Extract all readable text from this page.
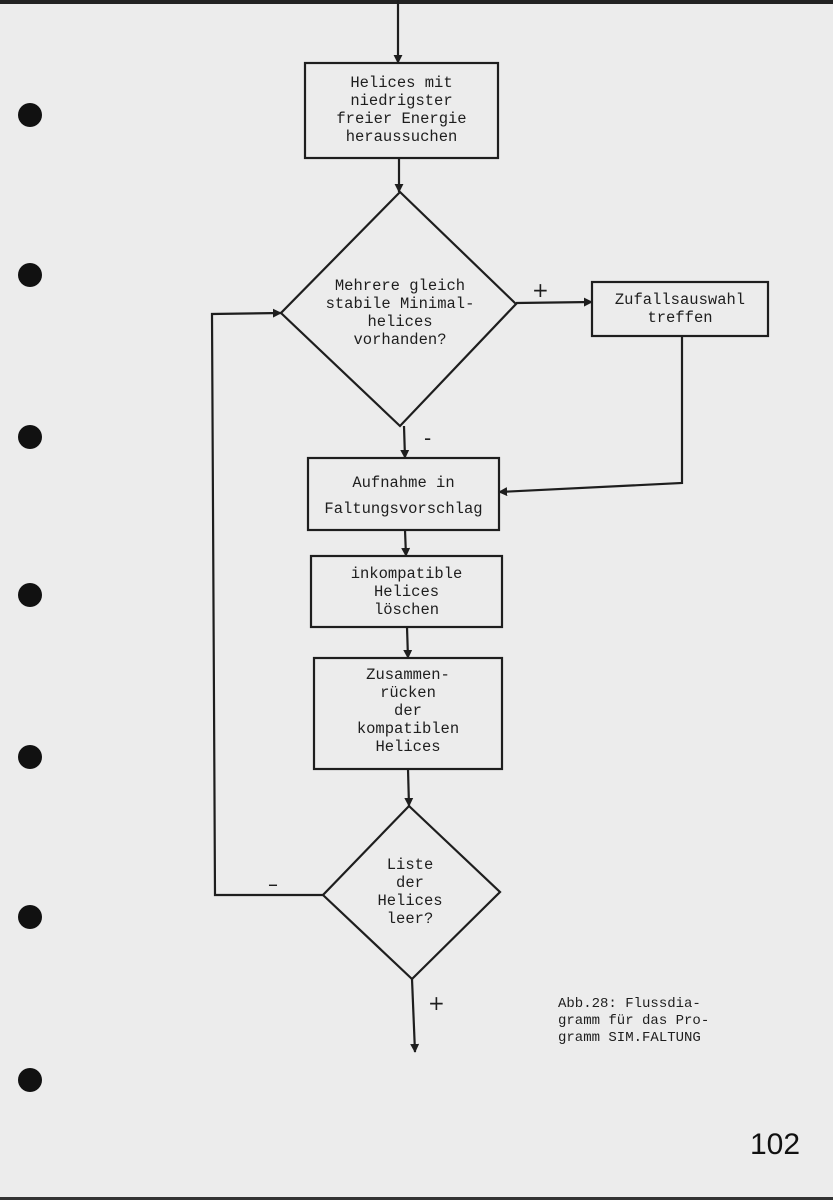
Helices mit
niedrigster
freier Energie
heraussuchen
Mehrere gleich
stabile Minimal-
helices
vorhanden?
Zufallsauswahl
treffen
Aufnahme in
Faltungsvorschlag
inkompatible
Helices
löschen
Zusammen-
rücken
der
kompatiblen
Helices
Liste
der
Helices
leer?
+
-
–
+	Abb.28: Flussdia-
gramm für das Pro-
gramm SIM.FALTUNG
102
